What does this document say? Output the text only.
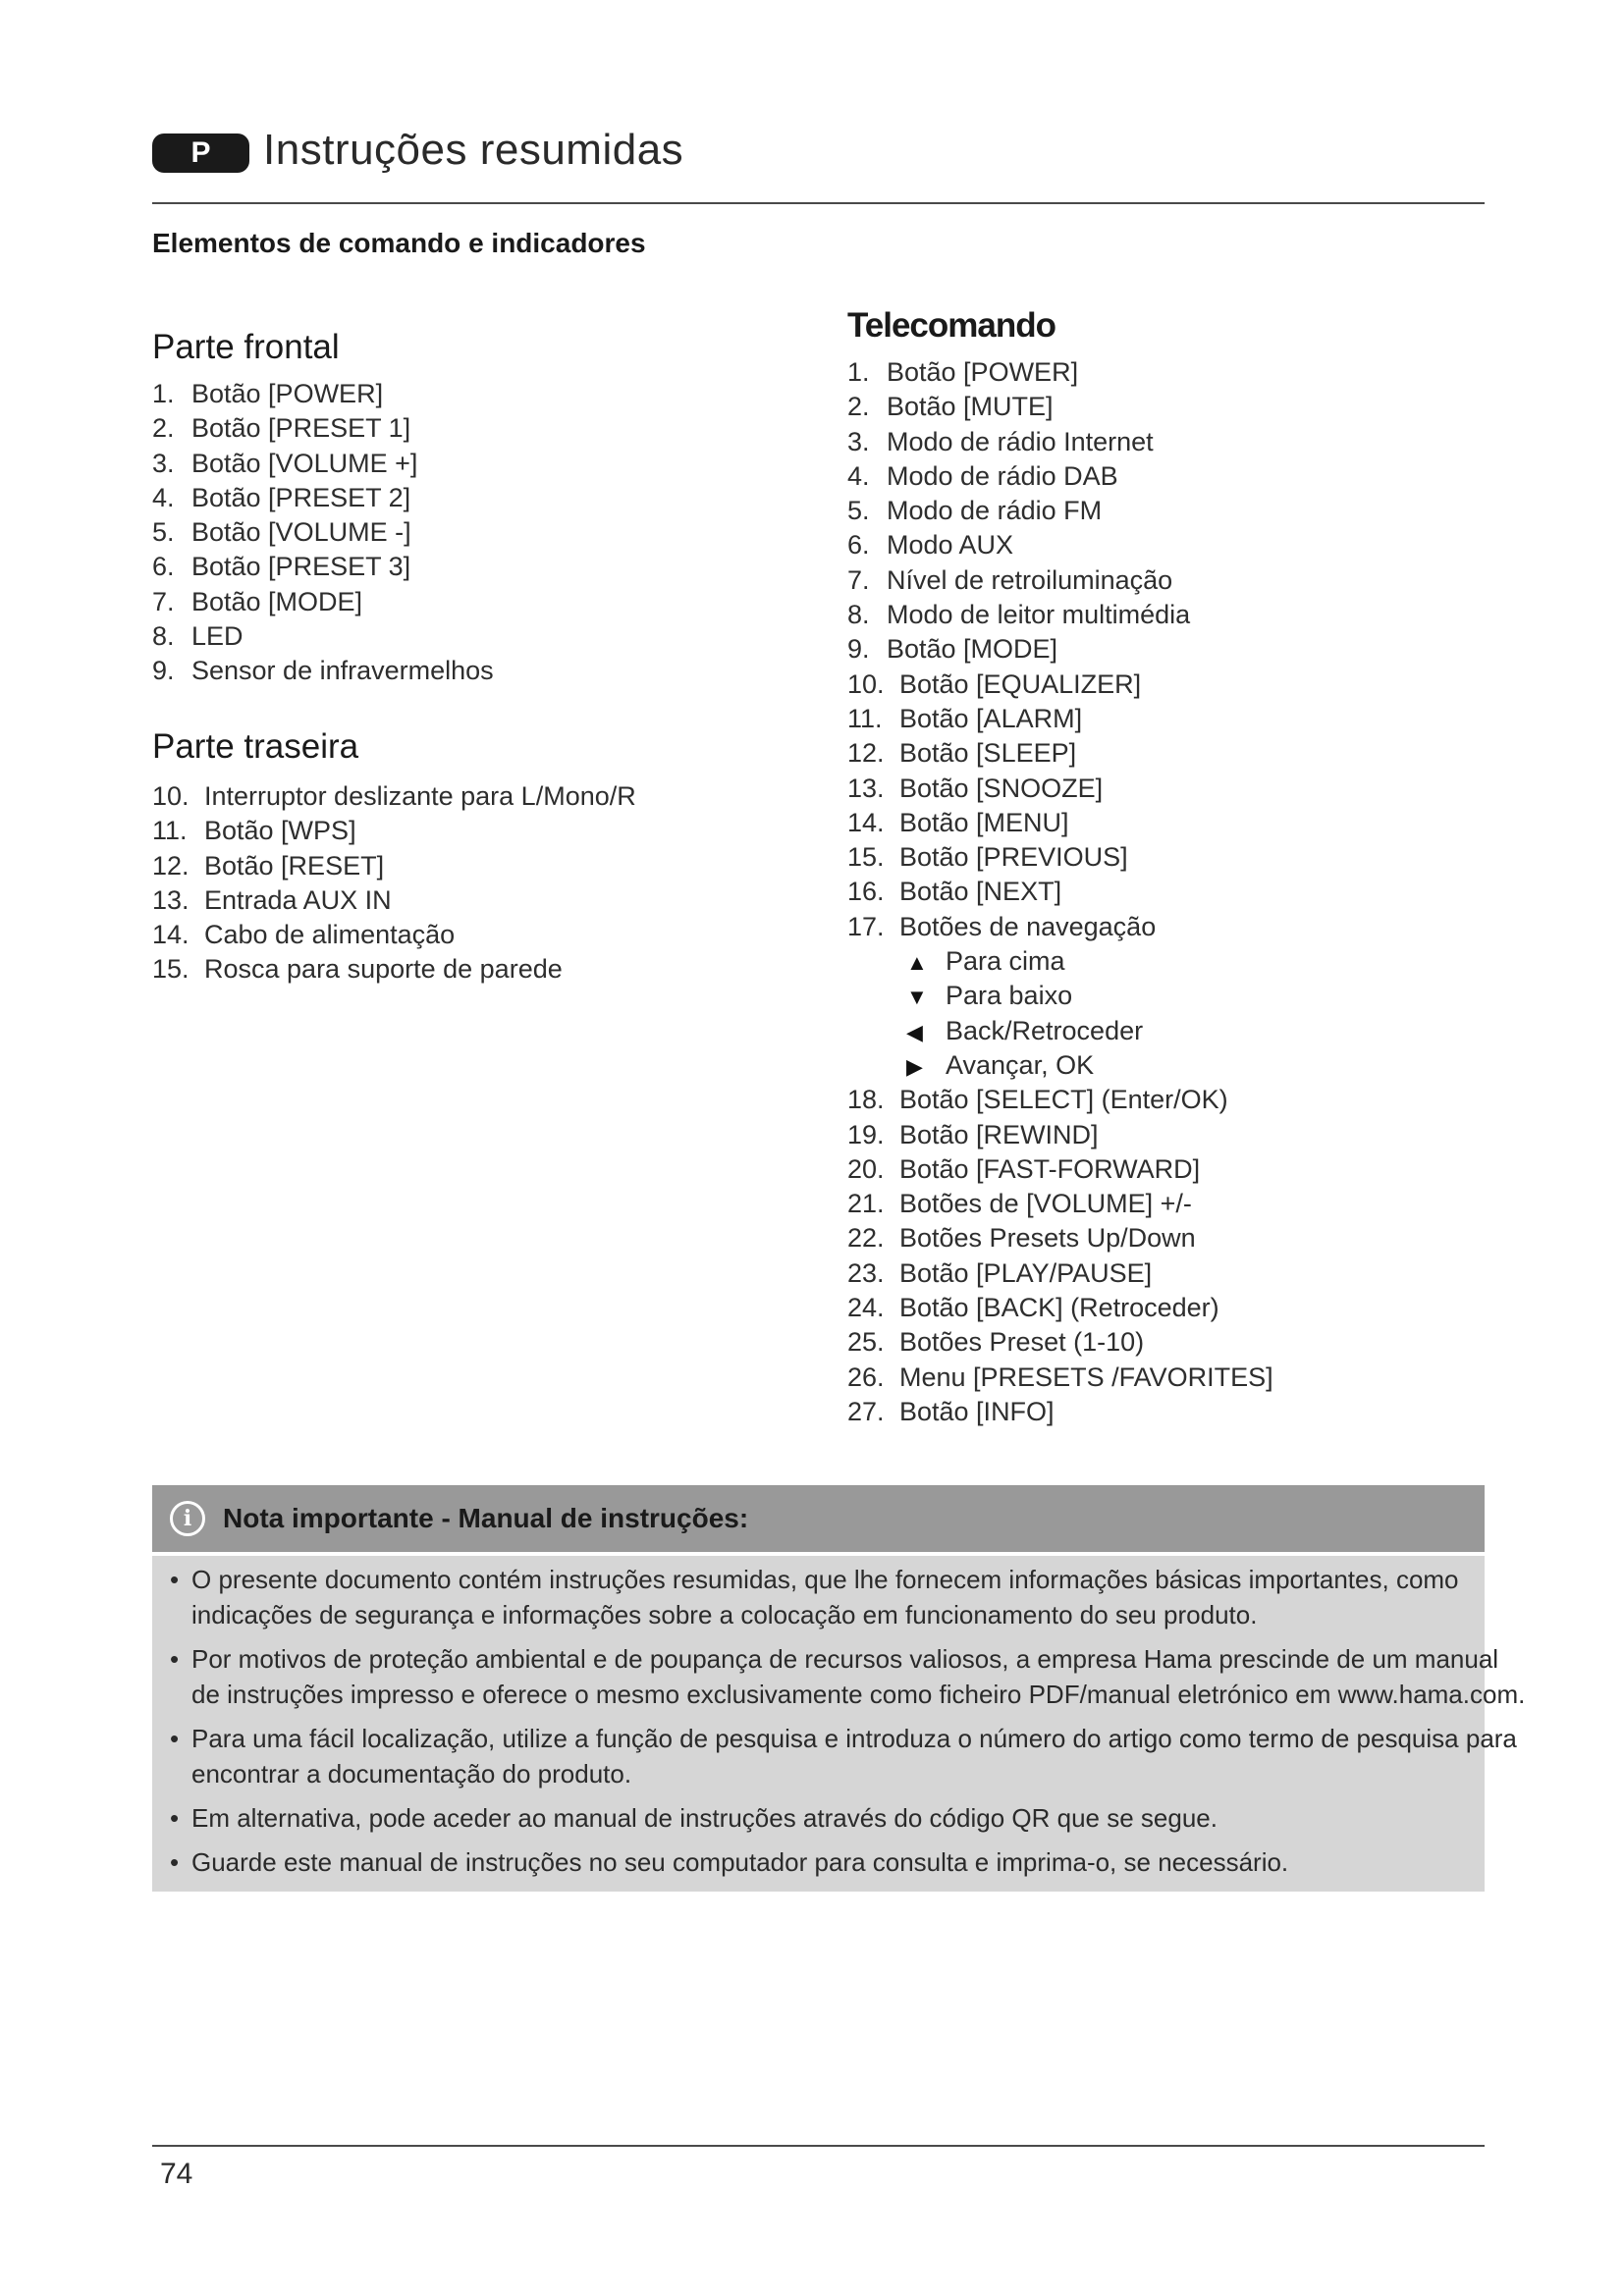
P	Instruções resumidas
Elementos de comando e indicadores
Parte frontal
1. Botão [POWER]
2. Botão [PRESET 1]
3. Botão [VOLUME +]
4. Botão [PRESET 2]
5. Botão [VOLUME -]
6. Botão [PRESET 3]
7. Botão [MODE]
8. LED
9. Sensor de infravermelhos
Parte traseira
10. Interruptor deslizante para L/Mono/R
11. Botão [WPS]
12. Botão [RESET]
13. Entrada AUX IN
14. Cabo de alimentação
15. Rosca para suporte de parede
Telecomando
1. Botão [POWER]
2. Botão [MUTE]
3. Modo de rádio Internet
4. Modo de rádio DAB
5. Modo de rádio FM
6. Modo AUX
7. Nível de retroiluminação
8. Modo de leitor multimédia
9. Botão [MODE]
10. Botão [EQUALIZER]
11. Botão [ALARM]
12. Botão [SLEEP]
13. Botão [SNOOZE]
14. Botão [MENU]
15. Botão [PREVIOUS]
16. Botão [NEXT]
17. Botões de navegação
▲ Para cima
▼ Para baixo
◀ Back/Retroceder
▶ Avançar, OK
18. Botão [SELECT] (Enter/OK)
19. Botão [REWIND]
20. Botão [FAST-FORWARD]
21. Botões de [VOLUME] +/-
22. Botões Presets Up/Down
23. Botão [PLAY/PAUSE]
24. Botão [BACK] (Retroceder)
25. Botões Preset (1-10)
26. Menu [PRESETS /FAVORITES]
27. Botão [INFO]
i	Nota importante - Manual de instruções:
• O presente documento contém instruções resumidas, que lhe fornecem informações básicas importantes, como
indicações de segurança e informações sobre a colocação em funcionamento do seu produto.
• Por motivos de proteção ambiental e de poupança de recursos valiosos, a empresa Hama prescinde de um manual
de instruções impresso e oferece o mesmo exclusivamente como ficheiro PDF/manual eletrónico em www.hama.com.
• Para uma fácil localização, utilize a função de pesquisa e introduza o número do artigo como termo de pesquisa para
encontrar a documentação do produto.
• Em alternativa, pode aceder ao manual de instruções através do código QR que se segue.
• Guarde este manual de instruções no seu computador para consulta e imprima-o, se necessário.
74
